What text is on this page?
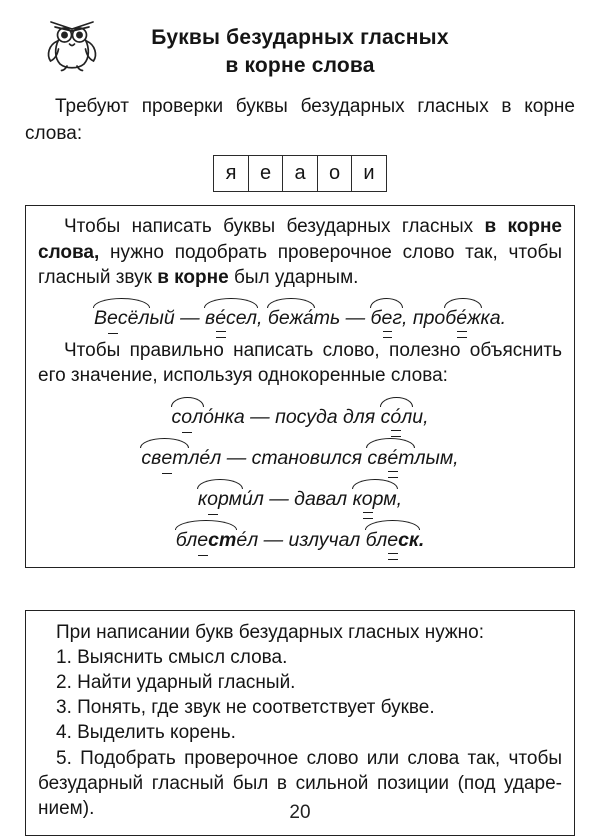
Буквы безударных гласных
в корне слова

Требуют проверки буквы безударных гласных в корне слова:

я е а о и

Чтобы написать буквы безударных гласных в корне слова, нужно подобрать проверочное слово так, чтобы гласный звук в корне был ударным.

Весёлый — ве́сел, бежа́ть — бег, пробе́жка.

Чтобы правильно написать слово, полезно объяснить его значение, используя однокоренные слова:

соло́нка — посуда для со́ли,
светле́л — становился све́тлым,
корми́л — давал корм,
блесте́л — излучал блеск.

При написании букв безударных гласных нужно:

1. Выяснить смысл слова.
2. Найти ударный гласный.
3. Понять, где звук не соответствует букве.
4. Выделить корень.
5. Подобрать проверочное слово или слова так, чтобы безударный гласный был в сильной позиции (под ударением).	20
